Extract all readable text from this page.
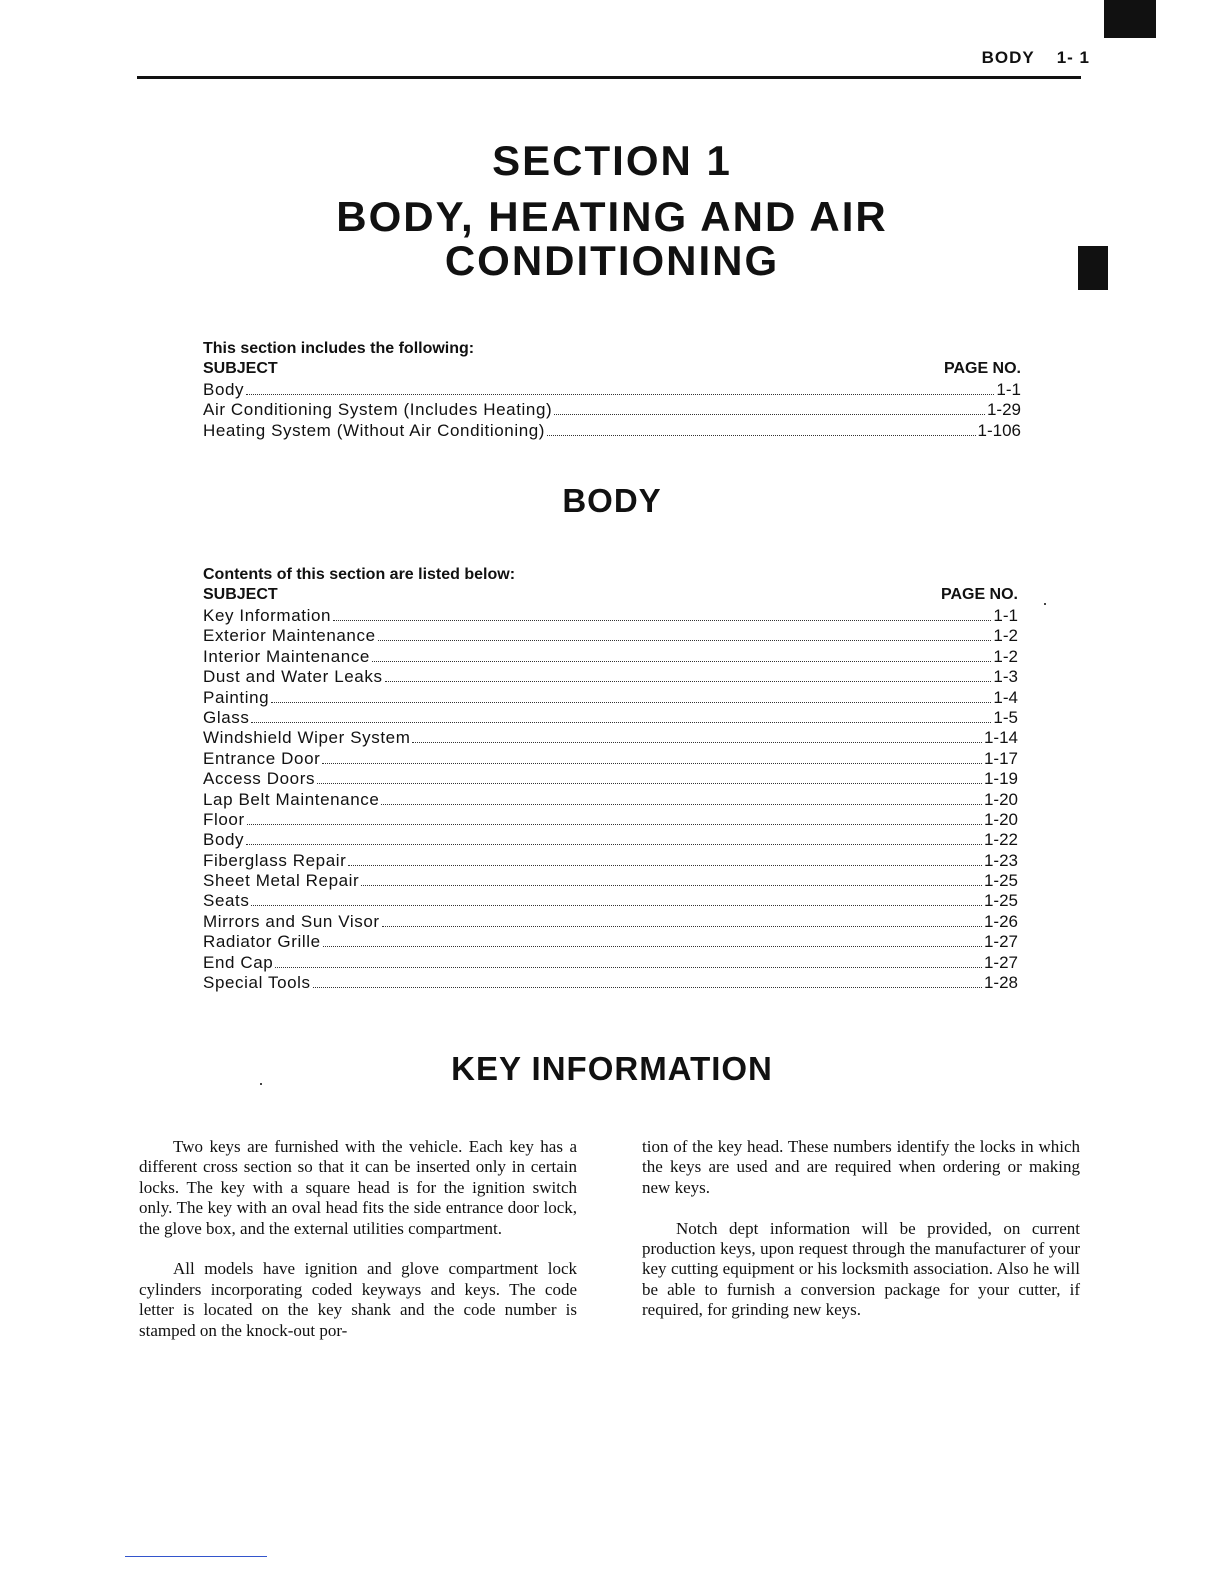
BODY 1- 1
SECTION 1
BODY, HEATING AND AIR
CONDITIONING
This section includes the following:
SUBJECT	PAGE NO.
Body	1-1
Air Conditioning System (Includes Heating)	1-29
Heating System (Without Air Conditioning)	1-106
BODY
Contents of this section are listed below:
SUBJECT	PAGE NO.
Key Information	1-1
Exterior Maintenance	1-2
Interior Maintenance	1-2
Dust and Water Leaks	1-3
Painting	1-4
Glass	1-5
Windshield Wiper System	1-14
Entrance Door	1-17
Access Doors	1-19
Lap Belt Maintenance	1-20
Floor	1-20
Body	1-22
Fiberglass Repair	1-23
Sheet Metal Repair	1-25
Seats	1-25
Mirrors and Sun Visor	1-26
Radiator Grille	1-27
End Cap	1-27
Special Tools	1-28
KEY INFORMATION

Two keys are furnished with the vehicle. Each key has a different cross section so that it can be inserted only in certain locks. The key with a square head is for the ignition switch only. The key with an oval head fits the side entrance door lock, the glove box, and the external utilities compartment.

All models have ignition and glove compartment lock cylinders incorporating coded keyways and keys. The code letter is located on the key shank and the code number is stamped on the knock-out por-

tion of the key head. These numbers identify the locks in which the keys are used and are required when ordering or making new keys.

Notch dept information will be provided, on current production keys, upon request through the manufacturer of your key cutting equipment or his locksmith association. Also he will be able to furnish a conversion package for your cutter, if required, for grinding new keys.
